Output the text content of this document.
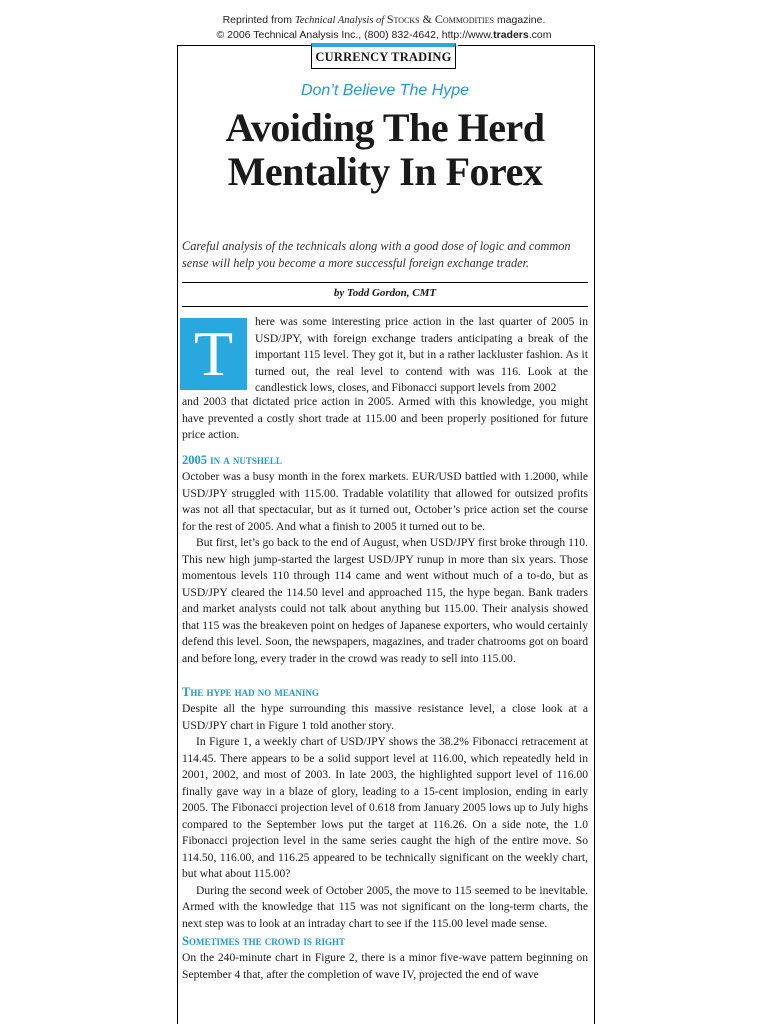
Reprinted from Technical Analysis of Stocks & Commodities magazine.
© 2006 Technical Analysis Inc., (800) 832-4642, http://www.traders.com
CURRENCY TRADING
Don’t Believe The Hype
Avoiding The Herd Mentality In Forex
Careful analysis of the technicals along with a good dose of logic and common sense will help you become a more successful foreign exchange trader.
by Todd Gordon, CMT
T	here was some interesting price action in the last quarter of 2005 in USD/JPY, with foreign exchange traders anticipating a break of the important 115 level. They got it, but in a rather lackluster fashion. As it turned out, the real level to contend with was 116. Look at the candlestick lows, closes, and Fibonacci support levels from 2002

and 2003 that dictated price action in 2005. Armed with this knowledge, you might have prevented a costly short trade at 115.00 and been properly positioned for future price action.

2005 in a nutshell

October was a busy month in the forex markets. EUR/USD battled with 1.2000, while USD/JPY struggled with 115.00. Tradable volatility that allowed for outsized profits was not all that spectacular, but as it turned out, October’s price action set the course for the rest of 2005. And what a finish to 2005 it turned out to be.

But first, let’s go back to the end of August, when USD/JPY first broke through 110. This new high jump-started the largest USD/JPY runup in more than six years. Those momentous levels 110 through 114 came and went without much of a to-do, but as USD/JPY cleared the 114.50 level and approached 115, the hype began. Bank traders and market analysts could not talk about anything but 115.00. Their analysis showed that 115 was the breakeven point on hedges of Japanese exporters, who would certainly defend this level. Soon, the newspapers, magazines, and trader chatrooms got on board and before long, every trader in the crowd was ready to sell into 115.00.

The hype had no meaning

Despite all the hype surrounding this massive resistance level, a close look at a USD/JPY chart in Figure 1 told another story.

In Figure 1, a weekly chart of USD/JPY shows the 38.2% Fibonacci retracement at 114.45. There appears to be a solid support level at 116.00, which repeatedly held in 2001, 2002, and most of 2003. In late 2003, the highlighted support level of 116.00 finally gave way in a blaze of glory, leading to a 15-cent implosion, ending in early 2005. The Fibonacci projection level of 0.618 from January 2005 lows up to July highs compared to the September lows put the target at 116.26. On a side note, the 1.0 Fibonacci projection level in the same series caught the high of the entire move. So 114.50, 116.00, and 116.25 appeared to be technically significant on the weekly chart, but what about 115.00?

During the second week of October 2005, the move to 115 seemed to be inevitable. Armed with the knowledge that 115 was not significant on the long-term charts, the next step was to look at an intraday chart to see if the 115.00 level made sense.

Sometimes the crowd is right

On the 240-minute chart in Figure 2, there is a minor five-wave pattern beginning on September 4 that, after the completion of wave IV, projected the end of wave
